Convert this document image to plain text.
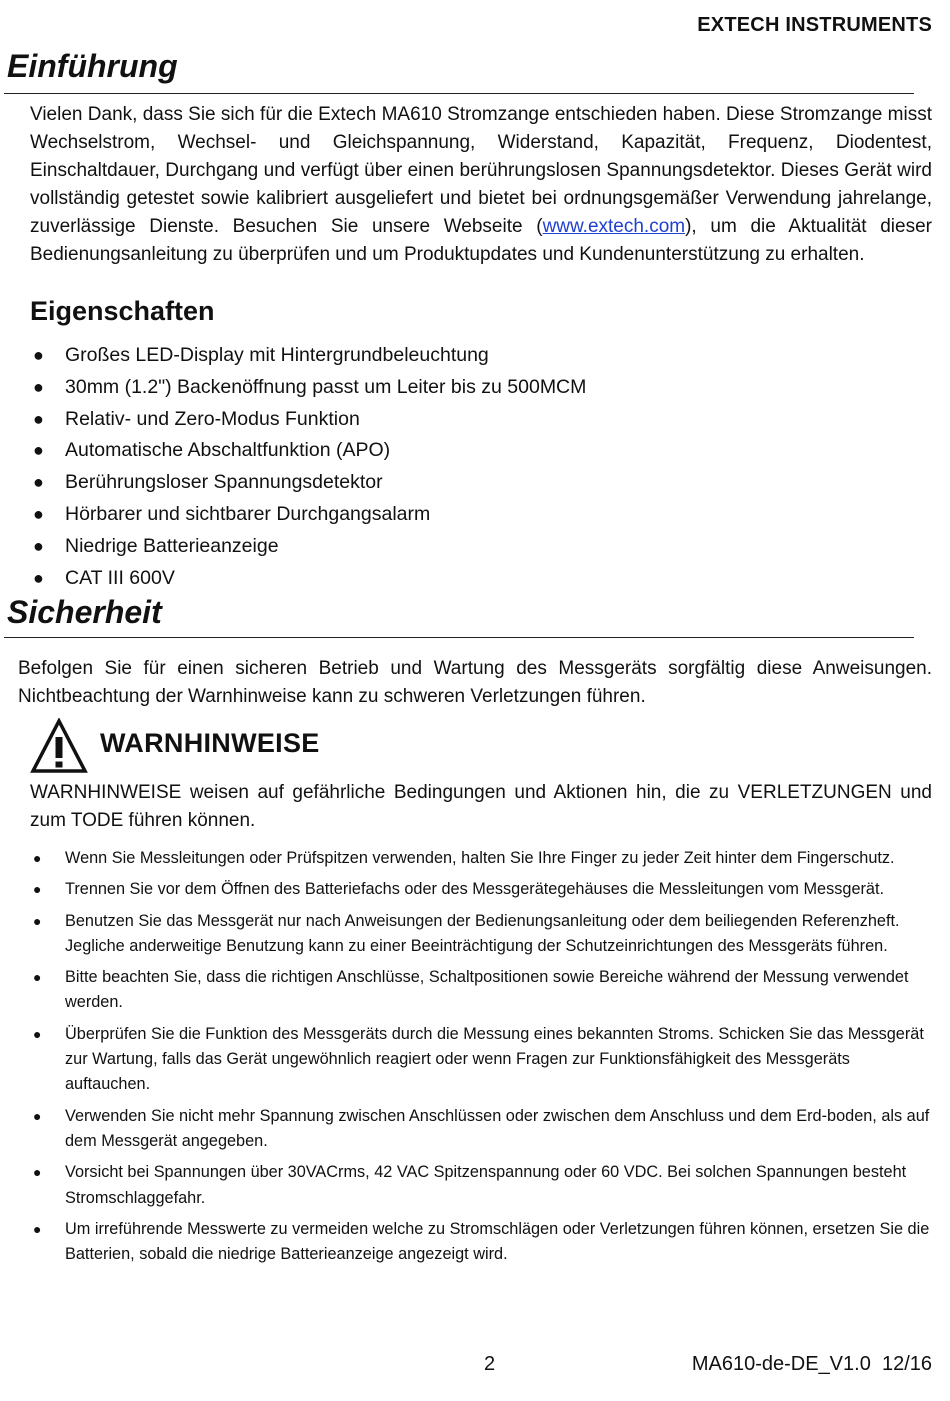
EXTECH INSTRUMENTS
Einführung

Vielen Dank, dass Sie sich für die Extech MA610 Stromzange entschieden haben. Diese Stromzange misst Wechselstrom, Wechsel- und Gleichspannung, Widerstand, Kapazität, Frequenz, Diodentest, Einschaltdauer, Durchgang und verfügt über einen berührungslosen Spannungsdetektor. Dieses Gerät wird vollständig getestet sowie kalibriert ausgeliefert und bietet bei ordnungsgemäßer Verwendung jahrelange, zuverlässige Dienste. Besuchen Sie unsere Webseite (www.extech.com), um die Aktualität dieser Bedienungsanleitung zu überprüfen und um Produktupdates und Kundenunterstützung zu erhalten.

Eigenschaften
● Großes LED-Display mit Hintergrundbeleuchtung
● 30mm (1.2") Backenöffnung passt um Leiter bis zu 500MCM
● Relativ- und Zero-Modus Funktion
● Automatische Abschaltfunktion (APO)
● Berührungsloser Spannungsdetektor
● Hörbarer und sichtbarer Durchgangsalarm
● Niedrige Batterieanzeige
● CAT III 600V
Sicherheit

Befolgen Sie für einen sicheren Betrieb und Wartung des Messgeräts sorgfältig diese Anweisungen. Nichtbeachtung der Warnhinweise kann zu schweren Verletzungen führen.

WARNHINWEISE

WARNHINWEISE weisen auf gefährliche Bedingungen und Aktionen hin, die zu VERLETZUNGEN und zum TODE führen können.

● Wenn Sie Messleitungen oder Prüfspitzen verwenden, halten Sie Ihre Finger zu jeder Zeit hinter dem Fingerschutz.
● Trennen Sie vor dem Öffnen des Batteriefachs oder des Messgerätegehäuses die Messleitungen vom Messgerät.
● Benutzen Sie das Messgerät nur nach Anweisungen der Bedienungsanleitung oder dem beiliegenden Referenzheft. Jegliche anderweitige Benutzung kann zu einer Beeinträchtigung der Schutzeinrichtungen des Messgeräts führen.
● Bitte beachten Sie, dass die richtigen Anschlüsse, Schaltpositionen sowie Bereiche während der Messung verwendet werden.
● Überprüfen Sie die Funktion des Messgeräts durch die Messung eines bekannten Stroms. Schicken Sie das Messgerät zur Wartung, falls das Gerät ungewöhnlich reagiert oder wenn Fragen zur Funktionsfähigkeit des Messgeräts auftauchen.
● Verwenden Sie nicht mehr Spannung zwischen Anschlüssen oder zwischen dem Anschluss und dem Erd-boden, als auf dem Messgerät angegeben.
● Vorsicht bei Spannungen über 30VACrms, 42 VAC Spitzenspannung oder 60 VDC. Bei solchen Spannungen besteht Stromschlaggefahr.
● Um irreführende Messwerte zu vermeiden welche zu Stromschlägen oder Verletzungen führen können, ersetzen Sie die Batterien, sobald die niedrige Batterieanzeige angezeigt wird.
2	MA610-de-DE_V1.0  12/16
